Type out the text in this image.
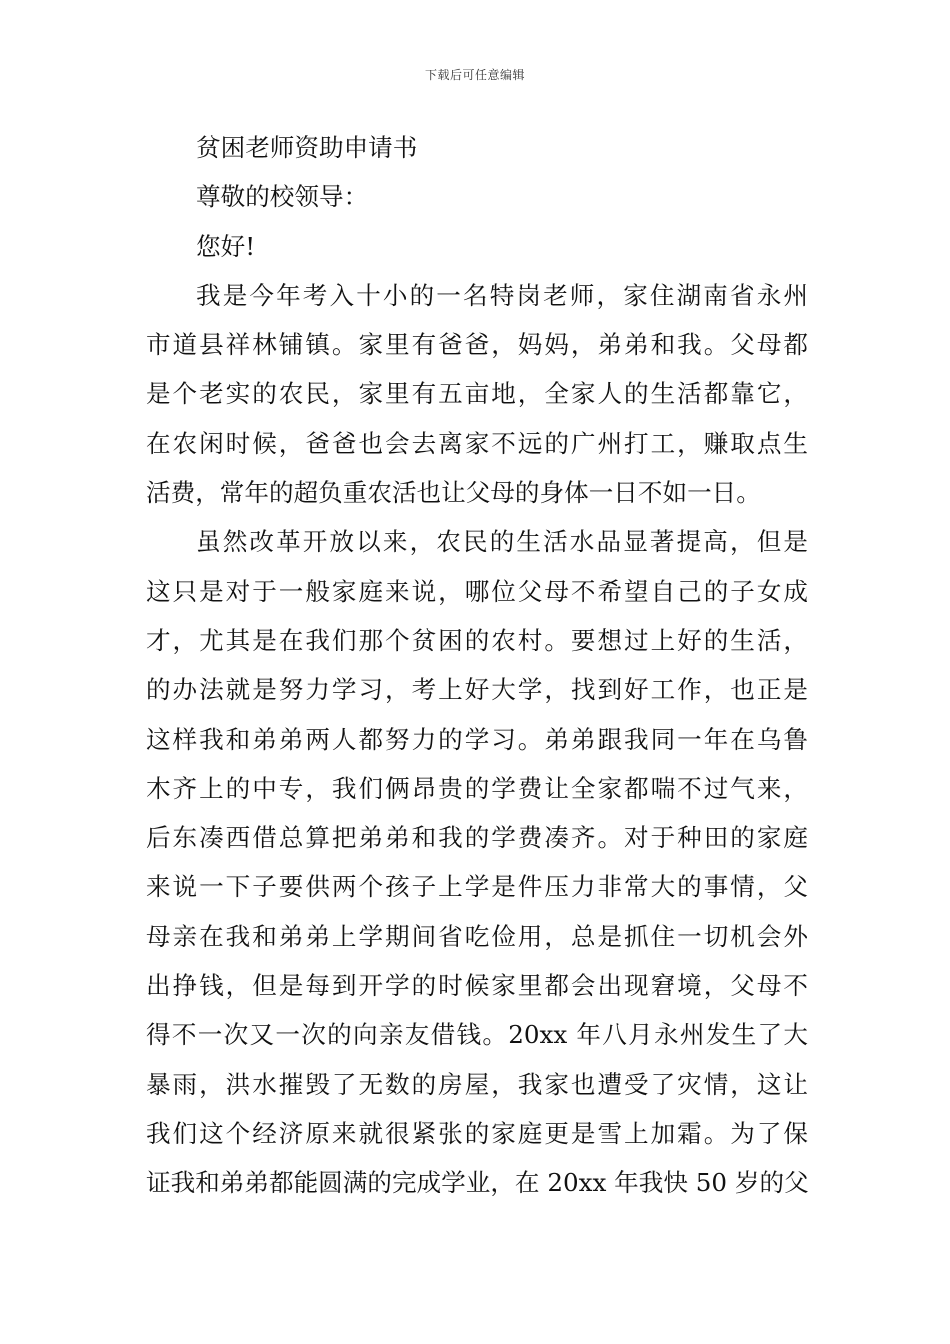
下载后可任意编辑
贫困老师资助申请书
尊敬的校领导：
您好!
我是今年考入十小的一名特岗老师，家住湖南省永州
市道县祥林铺镇。家里有爸爸，妈妈，弟弟和我。父母都
是个老实的农民，家里有五亩地，全家人的生活都靠它，
在农闲时候，爸爸也会去离家不远的广州打工，赚取点生
活费，常年的超负重农活也让父母的身体一日不如一日。
虽然改革开放以来，农民的生活水品显著提高，但是
这只是对于一般家庭来说，哪位父母不希望自己的子女成
才，尤其是在我们那个贫困的农村。要想过上好的生活，
的办法就是努力学习，考上好大学，找到好工作，也正是
这样我和弟弟两人都努力的学习。弟弟跟我同一年在乌鲁
木齐上的中专，我们俩昂贵的学费让全家都喘不过气来，
后东凑西借总算把弟弟和我的学费凑齐。对于种田的家庭
来说一下子要供两个孩子上学是件压力非常大的事情，父
母亲在我和弟弟上学期间省吃俭用，总是抓住一切机会外
出挣钱，但是每到开学的时候家里都会出现窘境，父母不
得不一次又一次的向亲友借钱。20xx 年八月永州发生了大
暴雨，洪水摧毁了无数的房屋，我家也遭受了灾情，这让
我们这个经济原来就很紧张的家庭更是雪上加霜。为了保
证我和弟弟都能圆满的完成学业，在 20xx 年我快 50 岁的父
